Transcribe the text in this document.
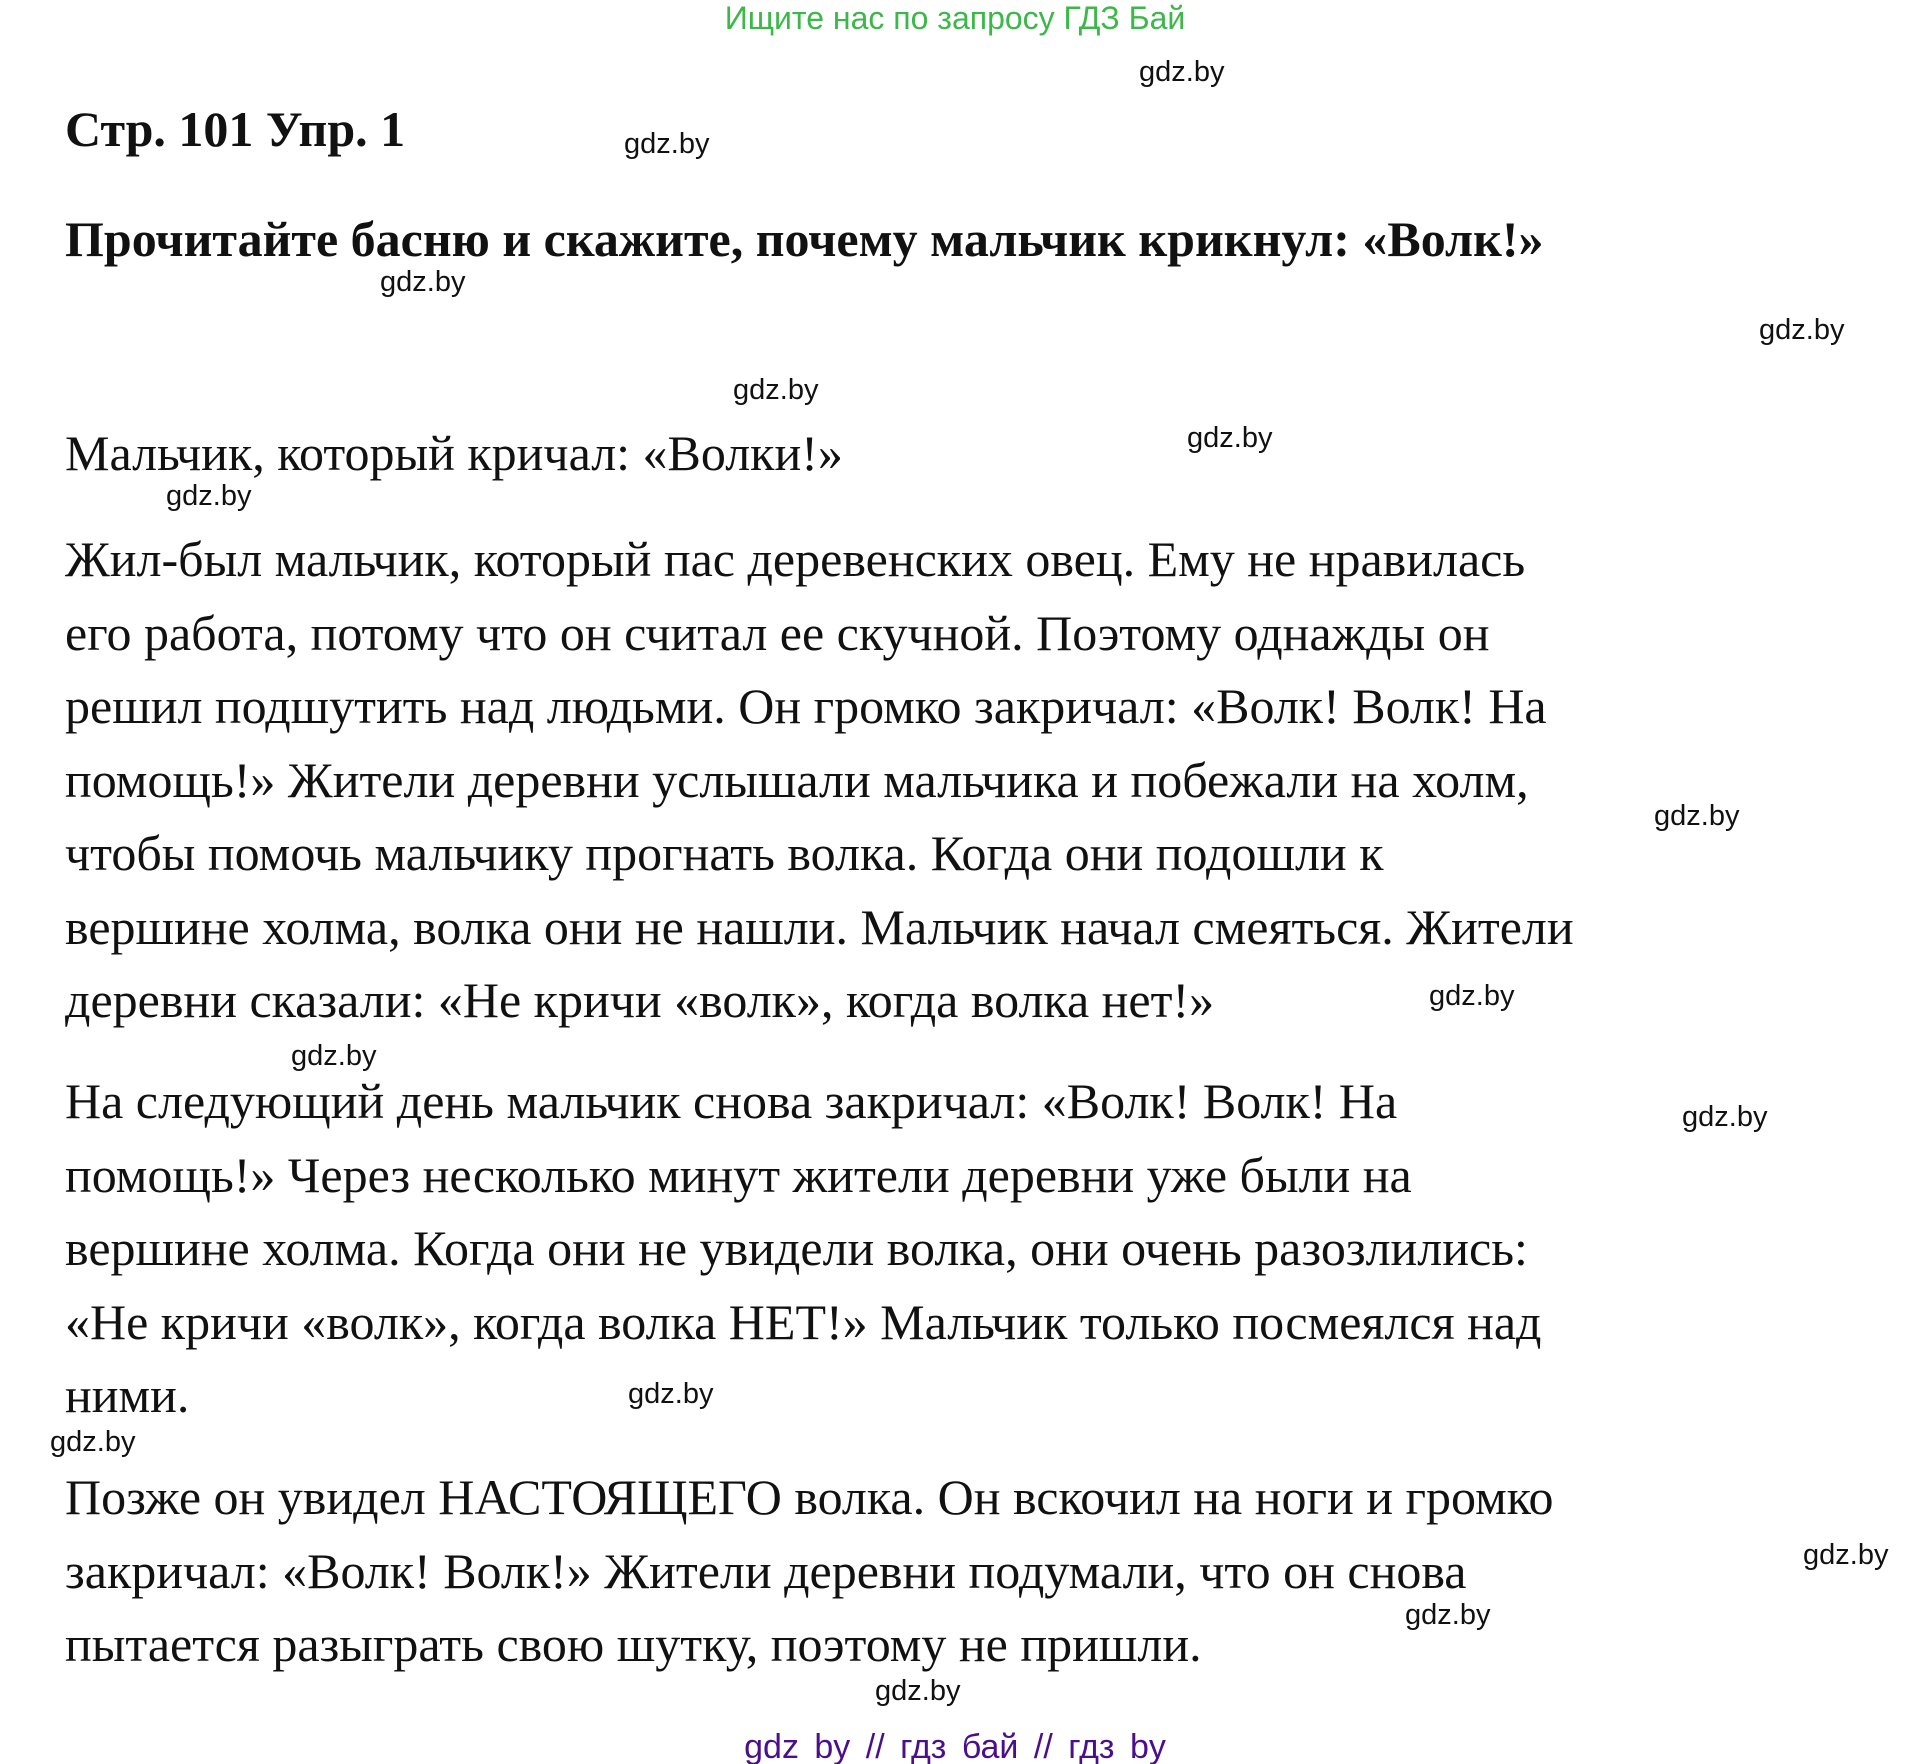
Ищите нас по запросу ГДЗ Бай
Стр. 101 Упр. 1
Прочитайте басню и скажите, почему мальчик крикнул: «Волк!»
Мальчик, который кричал: «Волки!»
Жил-был мальчик, который пас деревенских овец. Ему не нравилась
его работа, потому что он считал ее скучной. Поэтому однажды он
решил подшутить над людьми. Он громко закричал: «Волк! Волк! На
помощь!» Жители деревни услышали мальчика и побежали на холм,
чтобы помочь мальчику прогнать волка. Когда они подошли к
вершине холма, волка они не нашли. Мальчик начал смеяться. Жители
деревни сказали: «Не кричи «волк», когда волка нет!»
На следующий день мальчик снова закричал: «Волк! Волк! На
помощь!» Через несколько минут жители деревни уже были на
вершине холма. Когда они не увидели волка, они очень разозлились:
«Не кричи «волк», когда волка НЕТ!» Мальчик только посмеялся над
ними.
Позже он увидел НАСТОЯЩЕГО волка. Он вскочил на ноги и громко
закричал: «Волк! Волк!» Жители деревни подумали, что он снова
пытается разыграть свою шутку, поэтому не пришли.
gdz.by
gdz.by
gdz.by
gdz.by
gdz.by
gdz.by
gdz.by
gdz.by
gdz.by
gdz.by
gdz.by
gdz.by
gdz.by
gdz.by
gdz.by
gdz.by
gdz by // гдз бай // гдз by
